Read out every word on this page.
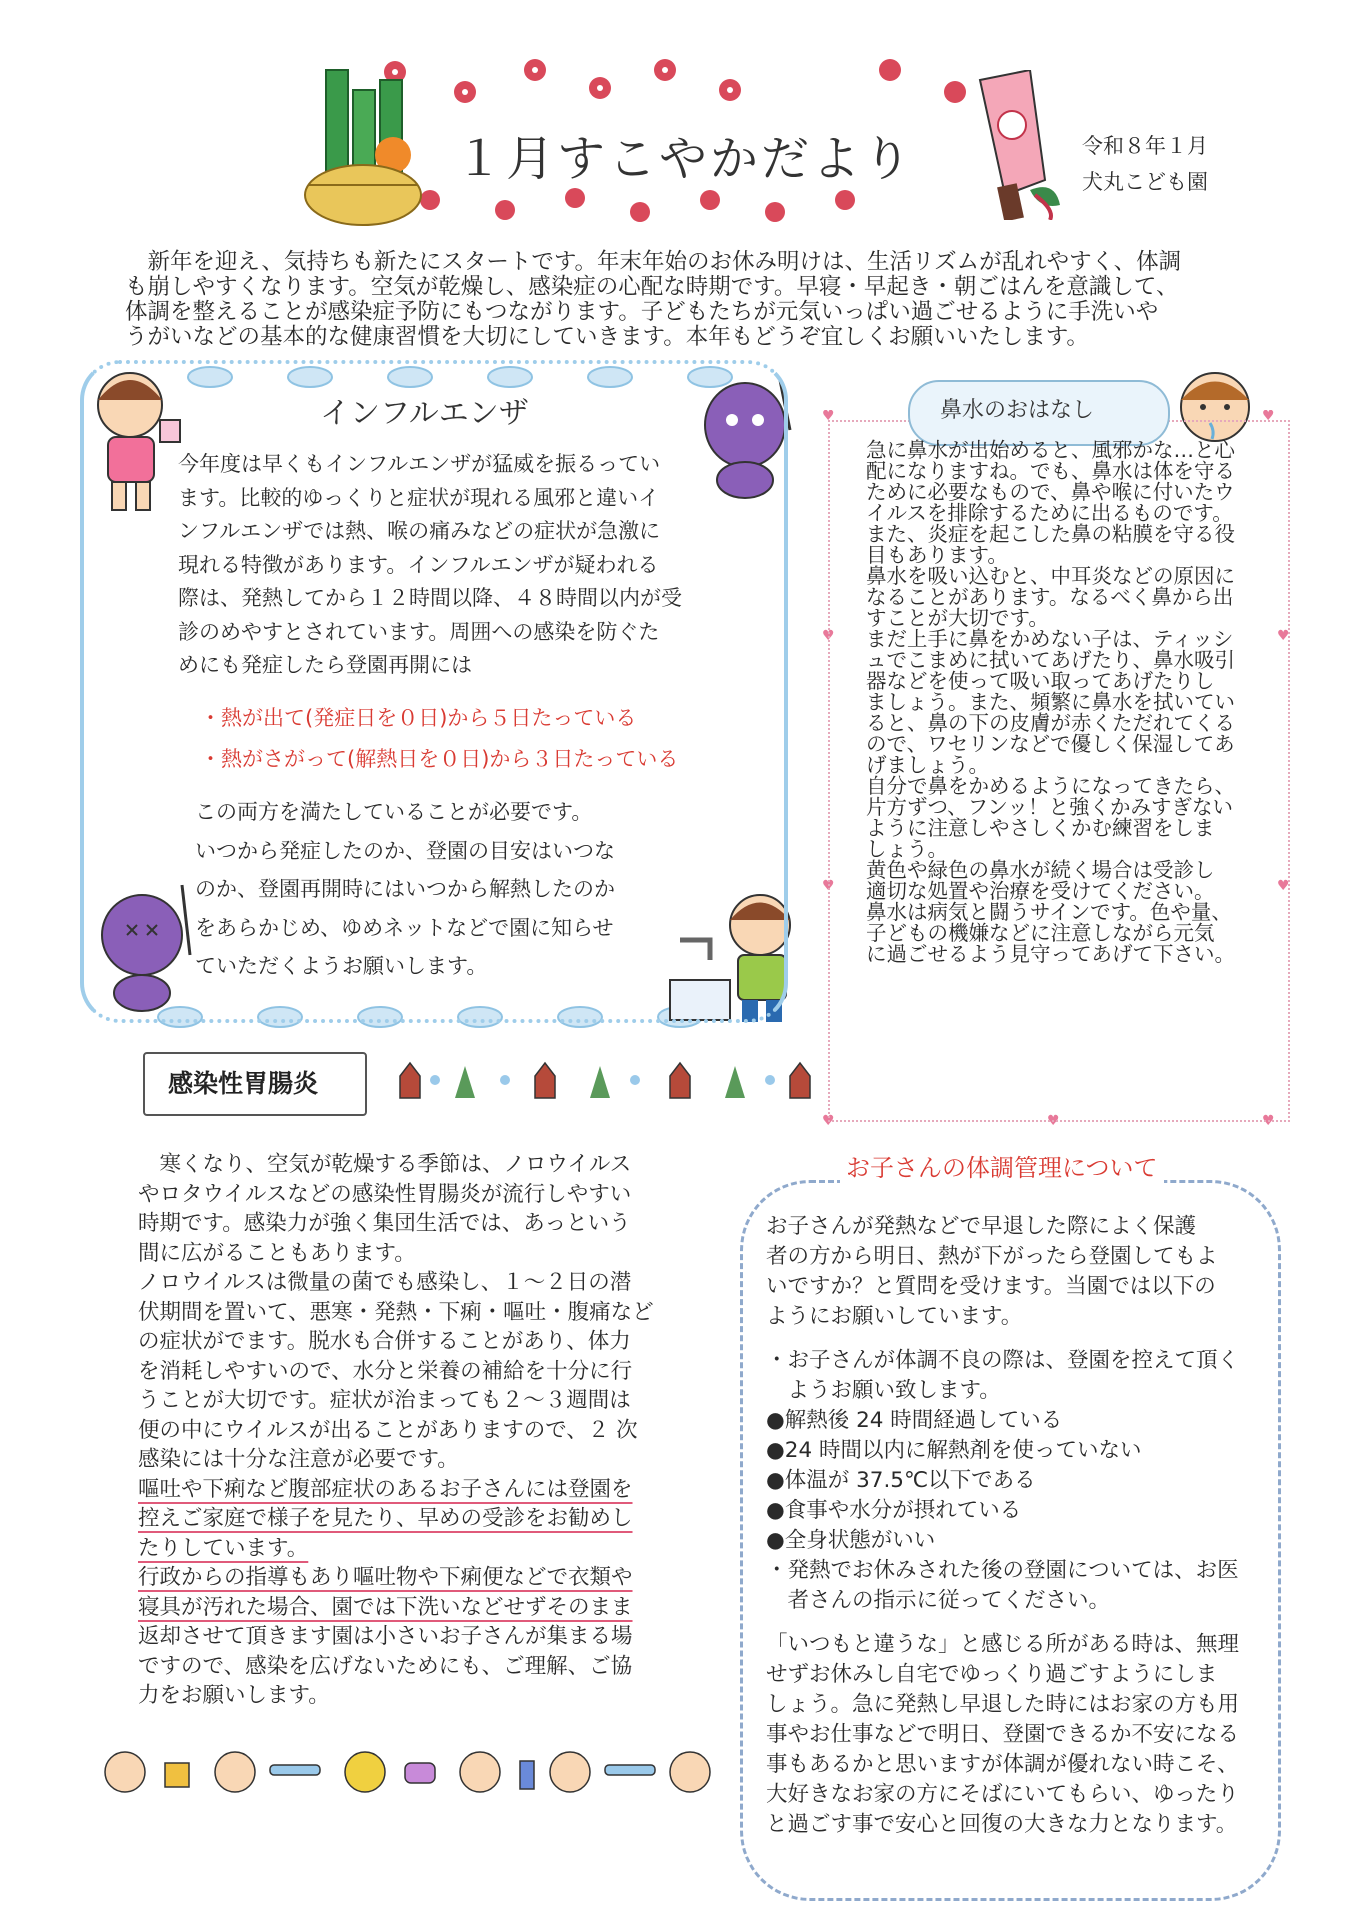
♥	♥
♥	♥
♥	♥
♥	♥	♥
１月すこやかだより	令和８年１月
犬丸こども園
　新年を迎え、気持ちも新たにスタートです。年末年始のお休み明けは、生活リズムが乱れやすく、体調
も崩しやすくなります。空気が乾燥し、感染症の心配な時期です。早寝・早起き・朝ごはんを意識して、
体調を整えることが感染症予防にもつながります。子どもたちが元気いっぱい過ごせるように手洗いや
うがいなどの基本的な健康習慣を大切にしていきます。本年もどうぞ宜しくお願いいたします。
インフルエンザ
今年度は早くもインフルエンザが猛威を振るってい
ます。比較的ゆっくりと症状が現れる風邪と違いイ
ンフルエンザでは熱、喉の痛みなどの症状が急激に
現れる特徴があります。インフルエンザが疑われる
際は、発熱してから１２時間以降、４８時間以内が受
診のめやすとされています。周囲への感染を防ぐた
めにも発症したら登園再開には
・熱が出て(発症日を０日)から５日たっている
・熱がさがって(解熱日を０日)から３日たっている
この両方を満たしていることが必要です。
いつから発症したのか、登園の目安はいつな
のか、登園再開時にはいつから解熱したのか
をあらかじめ、ゆめネットなどで園に知らせ
ていただくようお願いします。
鼻水のおはなし
急に鼻水が出始めると、風邪かな…と心
配になりますね。でも、鼻水は体を守る
ために必要なもので、鼻や喉に付いたウ
イルスを排除するために出るものです。
また、炎症を起こした鼻の粘膜を守る役
目もあります。
鼻水を吸い込むと、中耳炎などの原因に
なることがあります。なるべく鼻から出
すことが大切です。
まだ上手に鼻をかめない子は、ティッシ
ュでこまめに拭いてあげたり、鼻水吸引
器などを使って吸い取ってあげたりし
ましょう。また、頻繁に鼻水を拭いてい
ると、鼻の下の皮膚が赤くただれてくる
ので、ワセリンなどで優しく保湿してあ
げましょう。
自分で鼻をかめるようになってきたら、
片方ずつ、フンッ！と強くかみすぎない
ように注意しやさしくかむ練習をしま
しょう。
黄色や緑色の鼻水が続く場合は受診し
適切な処置や治療を受けてください。
鼻水は病気と闘うサインです。色や量、
子どもの機嫌などに注意しながら元気
に過ごせるよう見守ってあげて下さい。
感染性胃腸炎
　寒くなり、空気が乾燥する季節は、ノロウイルス
やロタウイルスなどの感染性胃腸炎が流行しやすい
時期です。感染力が強く集団生活では、あっという
間に広がることもあります。
ノロウイルスは微量の菌でも感染し、１～２日の潜
伏期間を置いて、悪寒・発熱・下痢・嘔吐・腹痛など
の症状がでます。脱水も合併することがあり、体力
を消耗しやすいので、水分と栄養の補給を十分に行
うことが大切です。症状が治まっても２～３週間は
便の中にウイルスが出ることがありますので、２ 次
感染には十分な注意が必要です。
嘔吐や下痢など腹部症状のあるお子さんには登園を
控えご家庭で様子を見たり、早めの受診をお勧めし
たりしています。
行政からの指導もあり嘔吐物や下痢便などで衣類や
寝具が汚れた場合、園では下洗いなどせずそのまま
返却させて頂きます園は小さいお子さんが集まる場
ですので、感染を広げないためにも、ご理解、ご協
力をお願いします。
お子さんの体調管理について
お子さんが発熱などで早退した際によく保護
者の方から明日、熱が下がったら登園してもよ
いですか？と質問を受けます。当園では以下の
ようにお願いしています。
・お子さんが体調不良の際は、登園を控えて頂く
　ようお願い致します。
●解熱後 24 時間経過している
●24 時間以内に解熱剤を使っていない
●体温が 37.5℃以下である
●食事や水分が摂れている
●全身状態がいい
・発熱でお休みされた後の登園については、お医
　者さんの指示に従ってください。
「いつもと違うな」と感じる所がある時は、無理
せずお休みし自宅でゆっくり過ごすようにしま
しょう。急に発熱し早退した時にはお家の方も用
事やお仕事などで明日、登園できるか不安になる
事もあるかと思いますが体調が優れない時こそ、
大好きなお家の方にそばにいてもらい、ゆったり
と過ごす事で安心と回復の大きな力となります。
